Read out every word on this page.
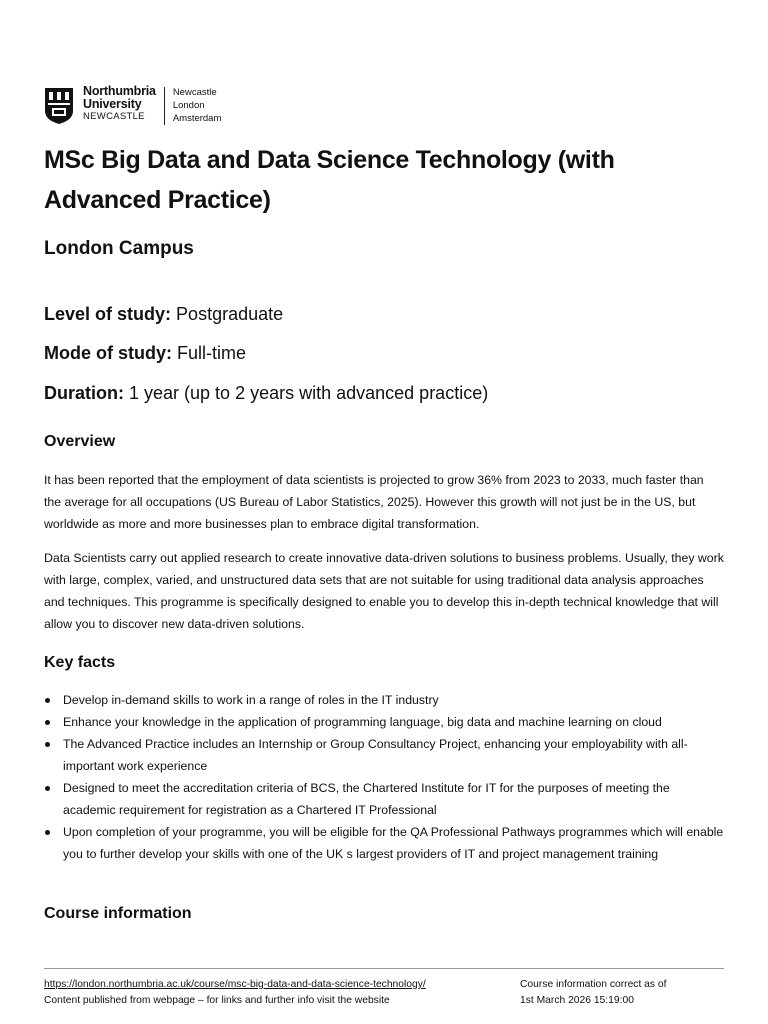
Northumbria
University
NEWCASTLE
Newcastle
London
Amsterdam
MSc Big Data and Data Science Technology (with Advanced Practice)
London Campus
Level of study: Postgraduate
Mode of study: Full-time
Duration: 1 year (up to 2 years with advanced practice)
Overview
It has been reported that the employment of data scientists is projected to grow 36% from 2023 to 2033, much faster than the average for all occupations (US Bureau of Labor Statistics, 2025). However this growth will not just be in the US, but worldwide as more and more businesses plan to embrace digital transformation.
Data Scientists carry out applied research to create innovative data-driven solutions to business problems. Usually, they work with large, complex, varied, and unstructured data sets that are not suitable for using traditional data analysis approaches and techniques. This programme is specifically designed to enable you to develop this in-depth technical knowledge that will allow you to discover new data-driven solutions.
Key facts
Develop in-demand skills to work in a range of roles in the IT industry
Enhance your knowledge in the application of programming language, big data and machine learning on cloud
The Advanced Practice includes an Internship or Group Consultancy Project, enhancing your employability with all-important work experience
Designed to meet the accreditation criteria of BCS, the Chartered Institute for IT for the purposes of meeting the academic requirement for registration as a Chartered IT Professional
Upon completion of your programme, you will be eligible for the QA Professional Pathways programmes which will enable you to further develop your skills with one of the UK s largest providers of IT and project management training
Course information
https://london.northumbria.ac.uk/course/msc-big-data-and-data-science-technology/
Content published from webpage – for links and further info visit the website
Course information correct as of
1st March 2026 15:19:00
